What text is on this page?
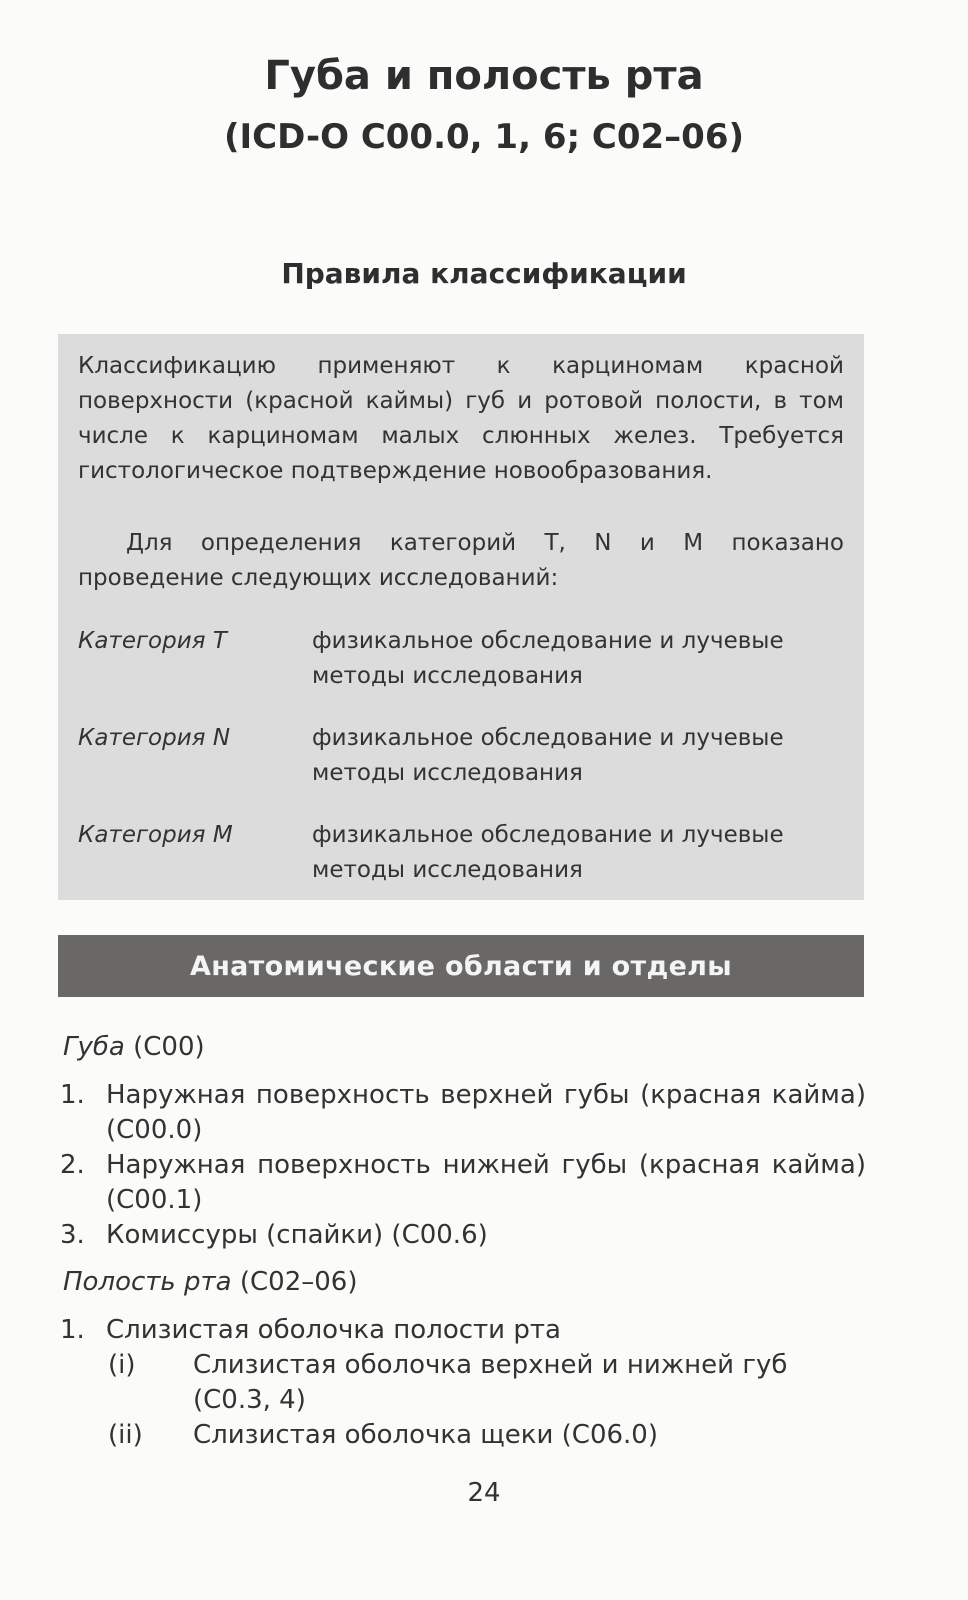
Губа и полость рта
(ICD-O C00.0, 1, 6; C02–06)
Правила классификации

Классификацию применяют к карциномам красной поверхности (красной каймы) губ и ротовой полости, в том числе к карциномам малых слюнных желез. Требуется гистологическое подтверждение новообразования.

Для определения категорий T, N и M показано проведение следующих исследований:

Категория T	физикальное обследование и лучевые методы исследования
Категория N	физикальное обследование и лучевые методы исследования
Категория M	физикальное обследование и лучевые методы исследования
Анатомические области и отделы
Губа (C00)
1. Наружная поверхность верхней губы (красная кайма) (C00.0)
2. Наружная поверхность нижней губы (красная кайма) (C00.1)
3. Комиссуры (спайки) (C00.6)
Полость рта (C02–06)
1. Слизистая оболочка полости рта
(i)	Слизистая оболочка верхней и нижней губ (C0.3, 4)
(ii)	Слизистая оболочка щеки (C06.0)
24
